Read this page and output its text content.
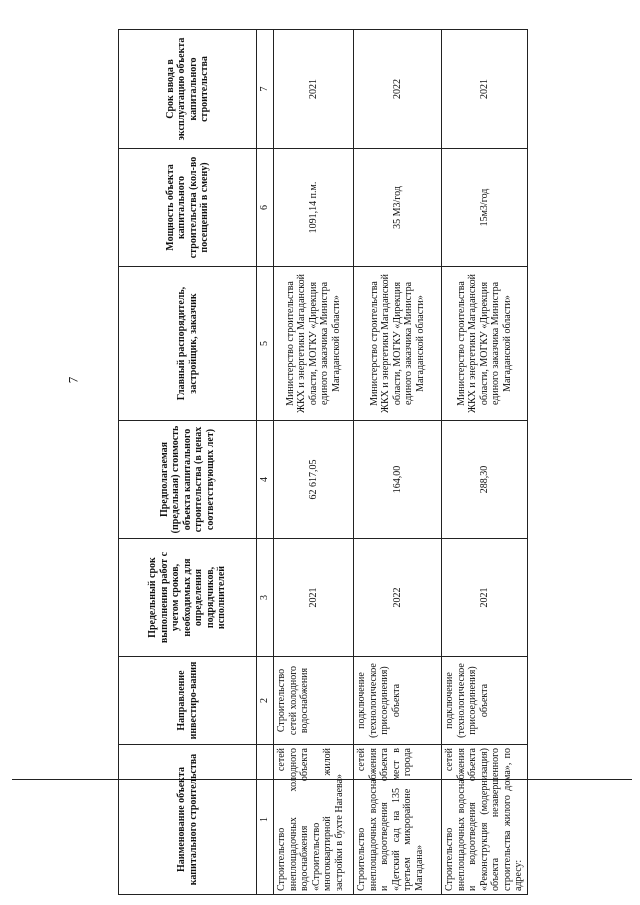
7
Наименование объекта капитального строительства	Направление инвестиро-вания	Предельный срок выполнения работ с учетом сроков, необходимых для определения подрядчиков, исполнителей	Предполагаемая (предельная) стоимость объекта капитального строительства (в ценах соответствующих лет)	Главный распорядитель, застройщик, заказчик	Мощность объекта капитального строительства (кол-во посещений в смену)	Срок ввода в эксплуатацию объекта капитального строительства
1	2	3	4	5	6	7
Строительство сетей внеплощадочных холодного водоснабжения объекта «Строительство многоквартирной жилой застройки в бухте Нагаева»	Строительство сетей холодного водоснабжения	2021	62 617,05	Министерство строительства ЖКХ и энергетики Магаданской области, МОГКУ «Дирекция единого заказчика Министра Магаданской области»	1091,14 п.м.	2021
Строительство сетей внеплощадочных водоснабжения и водоотведения объекта «Детский сад на 135 мест в третьем микрорайоне города Магадана»	подключение (технологическое присоединения) объекта	2022	164,00	Министерство строительства ЖКХ и энергетики Магаданской области, МОГКУ «Дирекция единого заказчика Министра Магаданской области»	35 М3/год	2022
Строительство сетей внеплощадочных водоснабжения и водоотведения объекта «Реконструкция (модернизация) объекта незавершенного строительства жилого дома», по адресу:	подключение (технологическое присоединения) объекта	2021	288,30	Министерство строительства ЖКХ и энергетики Магаданской области, МОГКУ «Дирекция единого заказчика Министра Магаданской области»	15м3/год	2021
